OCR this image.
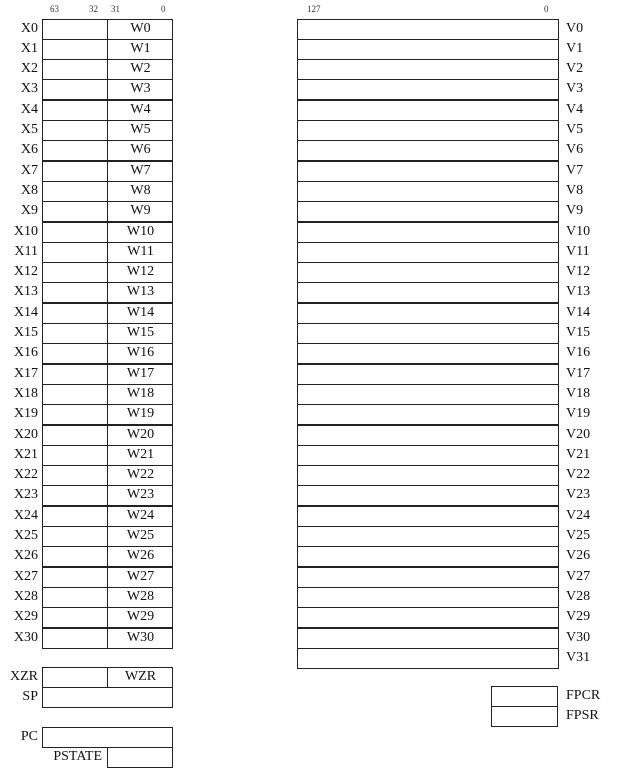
63	32 31	0	127	0
X0	W0
X1	W1
X2	W2
X3	W3
X4	W4
X5	W5
X6	W6
X7	W7
X8	W8
X9	W9
X10	W10
X11	W11
X12	W12
X13	W13
X14	W14
X15	W15
X16	W16
X17	W17
X18	W18
X19	W19
X20	W20
X21	W21
X22	W22
X23	W23
X24	W24
X25	W25
X26	W26
X27	W27
X28	W28
X29	W29
X30	W30
V0
V1
V2
V3
V4
V5
V6
V7
V8
V9
V10
V11
V12
V13
V14
V15
V16
V17
V18
V19
V20
V21
V22
V23
V24
V25
V26
V27
V28
V29
V30
V31
XZR	WZR
SP
PC
PSTATE
FPCR
FPSR
